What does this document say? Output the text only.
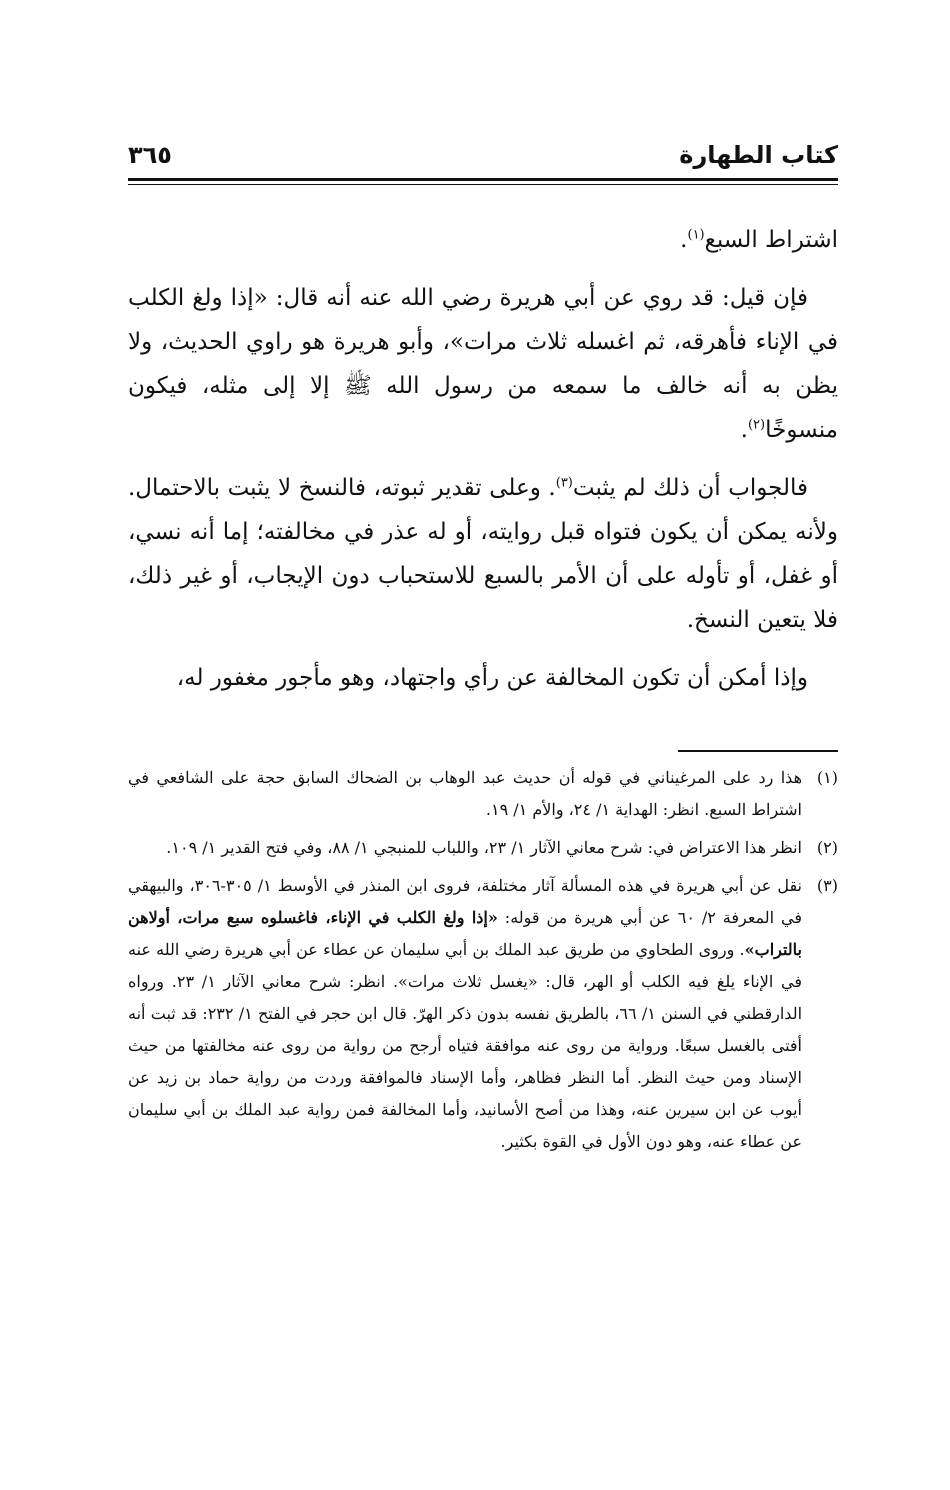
كتاب الطهارة
٣٦٥

اشتراط السبع$^{(١)}$.

فإن قيل: قد روي عن أبي هريرة رضي الله عنه أنه قال: «إذا ولغ الكلب في الإناء فأهرقه، ثم اغسله ثلاث مرات»، وأبو هريرة هو راوي الحديث، ولا يظن به أنه خالف ما سمعه من رسول الله ﷺ إلا إلى مثله، فيكون منسوخًا$^{(٢)}$.

فالجواب أن ذلك لم يثبت$^{(٣)}$. وعلى تقدير ثبوته، فالنسخ لا يثبت بالاحتمال. ولأنه يمكن أن يكون فتواه قبل روايته، أو له عذر في مخالفته؛ إما أنه نسي، أو غفل، أو تأوله على أن الأمر بالسبع للاستحباب دون الإيجاب، أو غير ذلك، فلا يتعين النسخ.

وإذا أمكن أن تكون المخالفة عن رأي واجتهاد، وهو مأجور مغفور له،

(١)
هذا رد على المرغيناني في قوله أن حديث عبد الوهاب بن الضحاك السابق حجة على الشافعي في اشتراط السبع. انظر: الهداية ١/ ٢٤، والأم ١/ ١٩.
(٢)
انظر هذا الاعتراض في: شرح معاني الآثار ١/ ٢٣، واللباب للمنبجي ١/ ٨٨، وفي فتح القدير ١/ ١٠٩.
(٣)
نقل عن أبي هريرة في هذه المسألة آثار مختلفة، فروى ابن المنذر في الأوسط ١/ ٣٠٥-٣٠٦، والبيهقي في المعرفة ٢/ ٦٠ عن أبي هريرة من قوله: «إذا ولغ الكلب في الإناء، فاغسلوه سبع مرات، أولاهن بالتراب». وروى الطحاوي من طريق عبد الملك بن أبي سليمان عن عطاء عن أبي هريرة رضي الله عنه في الإناء يلغ فيه الكلب أو الهر، قال: «يغسل ثلاث مرات». انظر: شرح معاني الآثار ١/ ٢٣. ورواه الدارقطني في السنن ١/ ٦٦، بالطريق نفسه بدون ذكر الهرّ. قال ابن حجر في الفتح ١/ ٢٣٢: قد ثبت أنه أفتى بالغسل سبعًا. ورواية من روى عنه موافقة فتياه أرجح من رواية من روى عنه مخالفتها من حيث الإسناد ومن حيث النظر. أما النظر فظاهر، وأما الإسناد فالموافقة وردت من رواية حماد بن زيد عن أيوب عن ابن سيرين عنه، وهذا من أصح الأسانيد، وأما المخالفة فمن رواية عبد الملك بن أبي سليمان عن عطاء عنه، وهو دون الأول في القوة بكثير.
